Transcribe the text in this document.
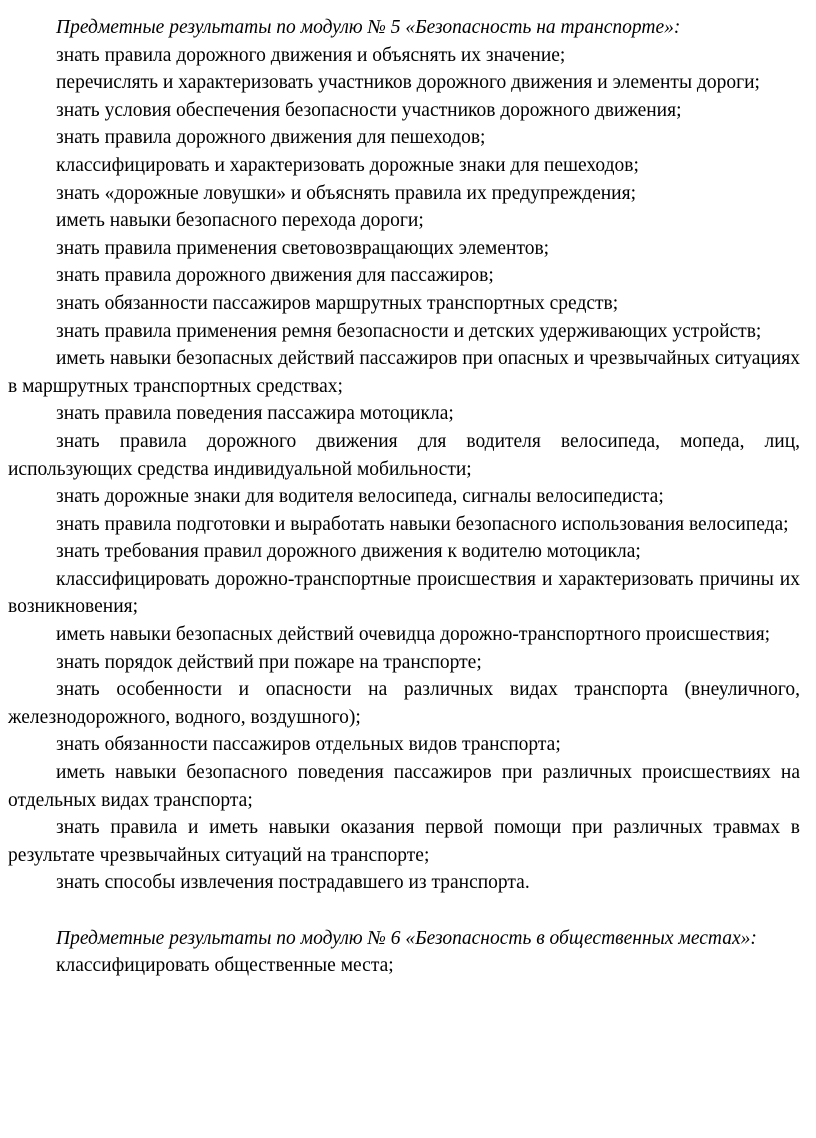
Предметные результаты по модулю № 5 «Безопасность на транспорте»:

знать правила дорожного движения и объяснять их значение;

перечислять и характеризовать участников дорожного движения и элементы дороги;

знать условия обеспечения безопасности участников дорожного движения;

знать правила дорожного движения для пешеходов;

классифицировать и характеризовать дорожные знаки для пешеходов;

знать «дорожные ловушки» и объяснять правила их предупреждения;

иметь навыки безопасного перехода дороги;

знать правила применения световозвращающих элементов;

знать правила дорожного движения для пассажиров;

знать обязанности пассажиров маршрутных транспортных средств;

знать правила применения ремня безопасности и детских удерживающих устройств;

иметь навыки безопасных действий пассажиров при опасных и чрезвычайных ситуациях в маршрутных транспортных средствах;

знать правила поведения пассажира мотоцикла;

знать правила дорожного движения для водителя велосипеда, мопеда, лиц, использующих средства индивидуальной мобильности;

знать дорожные знаки для водителя велосипеда, сигналы велосипедиста;

знать правила подготовки и выработать навыки безопасного использования велосипеда;

знать требования правил дорожного движения к водителю мотоцикла;

классифицировать дорожно-транспортные происшествия и характеризовать причины их возникновения;

иметь навыки безопасных действий очевидца дорожно-транспортного происшествия;

знать порядок действий при пожаре на транспорте;

знать особенности и опасности на различных видах транспорта (внеуличного, железнодорожного, водного, воздушного);

знать обязанности пассажиров отдельных видов транспорта;

иметь навыки безопасного поведения пассажиров при различных происшествиях на отдельных видах транспорта;

знать правила и иметь навыки оказания первой помощи при различных травмах в результате чрезвычайных ситуаций на транспорте;

знать способы извлечения пострадавшего из транспорта.

Предметные результаты по модулю № 6 «Безопасность в общественных местах»:

классифицировать общественные места;
